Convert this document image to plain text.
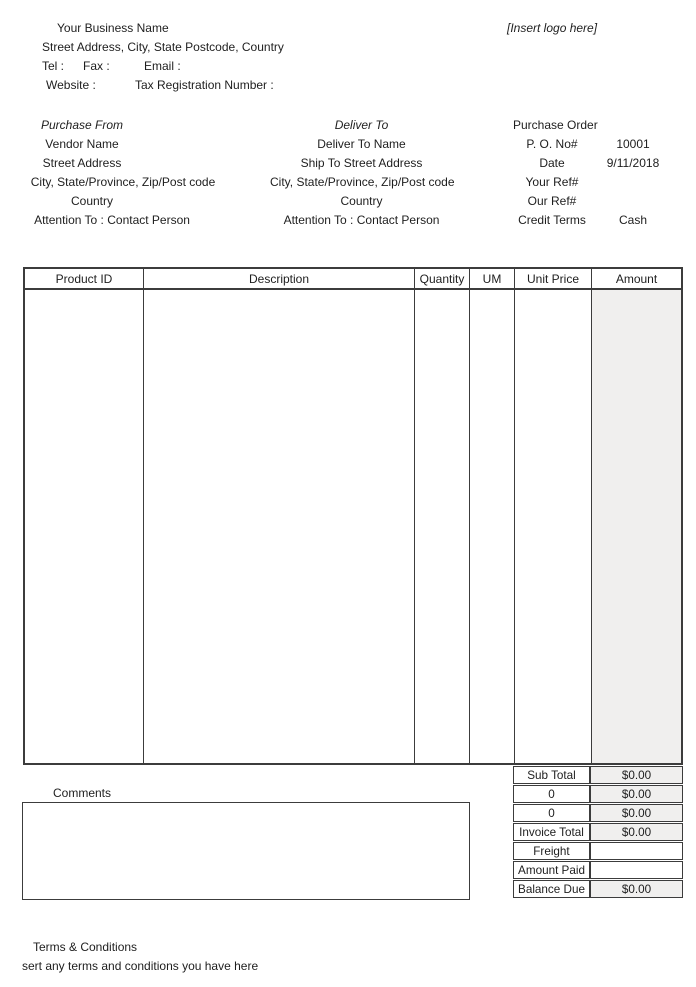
Your Business Name	[Insert logo here]
Street Address, City, State Postcode, Country
Tel : Fax :	Email :
Website :	Tax Registration Number :
Purchase From
Vendor Name
Street Address
City, State/Province, Zip/Post code
Country
Attention To : Contact Person
Deliver To
Deliver To Name
Ship To Street Address
City, State/Province, Zip/Post code
Country
Attention To : Contact Person
Purchase Order
P. O. No#	10001
Date	9/11/2018
Your Ref#
Our Ref#
Credit Terms	Cash
Product ID	Description	Quantity	UM	Unit Price	Amount
Sub Total	$0.00
0	$0.00
0	$0.00
Invoice Total	$0.00
Freight
Amount Paid
Balance Due	$0.00
Comments
Terms & Conditions
sert any terms and conditions you have here
